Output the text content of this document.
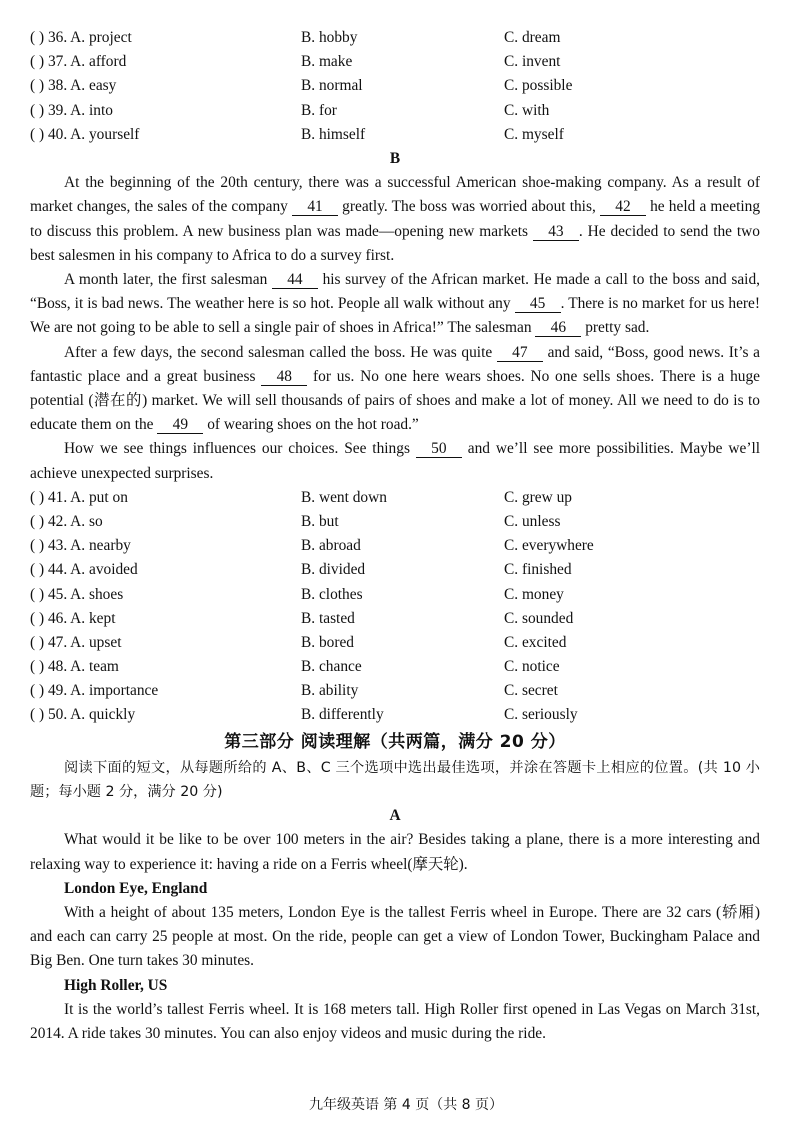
( ) 36. A. project	B. hobby	C. dream
( ) 37. A. afford	B. make	C. invent
( ) 38. A. easy	B. normal	C. possible
( ) 39. A. into	B. for	C. with
( ) 40. A. yourself	B. himself	C. myself
B
At the beginning of the 20th century, there was a successful American shoe-making company. As a result of market changes, the sales of the company 41 greatly. The boss was worried about this, 42 he held a meeting to discuss this problem. A new business plan was made—opening new markets 43 . He decided to send the two best salesmen in his company to Africa to do a survey first.
A month later, the first salesman 44 his survey of the African market. He made a call to the boss and said, “Boss, it is bad news. The weather here is so hot. People all walk without any 45 . There is no market for us here! We are not going to be able to sell a single pair of shoes in Africa!” The salesman 46 pretty sad.
After a few days, the second salesman called the boss. He was quite 47 and said, “Boss, good news. It’s a fantastic place and a great business 48 for us. No one here wears shoes. No one sells shoes. There is a huge potential (潜在的) market. We will sell thousands of pairs of shoes and make a lot of money. All we need to do is to educate them on the 49 of wearing shoes on the hot road.”
How we see things influences our choices. See things 50 and we’ll see more possibilities. Maybe we’ll achieve unexpected surprises.
( ) 41. A. put on	B. went down	C. grew up
( ) 42. A. so	B. but	C. unless
( ) 43. A. nearby	B. abroad	C. everywhere
( ) 44. A. avoided	B. divided	C. finished
( ) 45. A. shoes	B. clothes	C. money
( ) 46. A. kept	B. tasted	C. sounded
( ) 47. A. upset	B. bored	C. excited
( ) 48. A. team	B. chance	C. notice
( ) 49. A. importance	B. ability	C. secret
( ) 50. A. quickly	B. differently	C. seriously
第三部分 阅读理解（共两篇，满分 20 分）
阅读下面的短文，从每题所给的 A、B、C 三个选项中选出最佳选项，并涂在答题卡上相应的位置。(共 10 小题；每小题 2 分，满分 20 分)
A
What would it be like to be over 100 meters in the air? Besides taking a plane, there is a more interesting and relaxing way to experience it: having a ride on a Ferris wheel(摩天轮).
London Eye, England
With a height of about 135 meters, London Eye is the tallest Ferris wheel in Europe. There are 32 cars (轿厢) and each can carry 25 people at most. On the ride, people can get a view of London Tower, Buckingham Palace and Big Ben. One turn takes 30 minutes.
High Roller, US
It is the world’s tallest Ferris wheel. It is 168 meters tall. High Roller first opened in Las Vegas on March 31st, 2014. A ride takes 30 minutes. You can also enjoy videos and music during the ride.
九年级英语 第 4 页（共 8 页）
